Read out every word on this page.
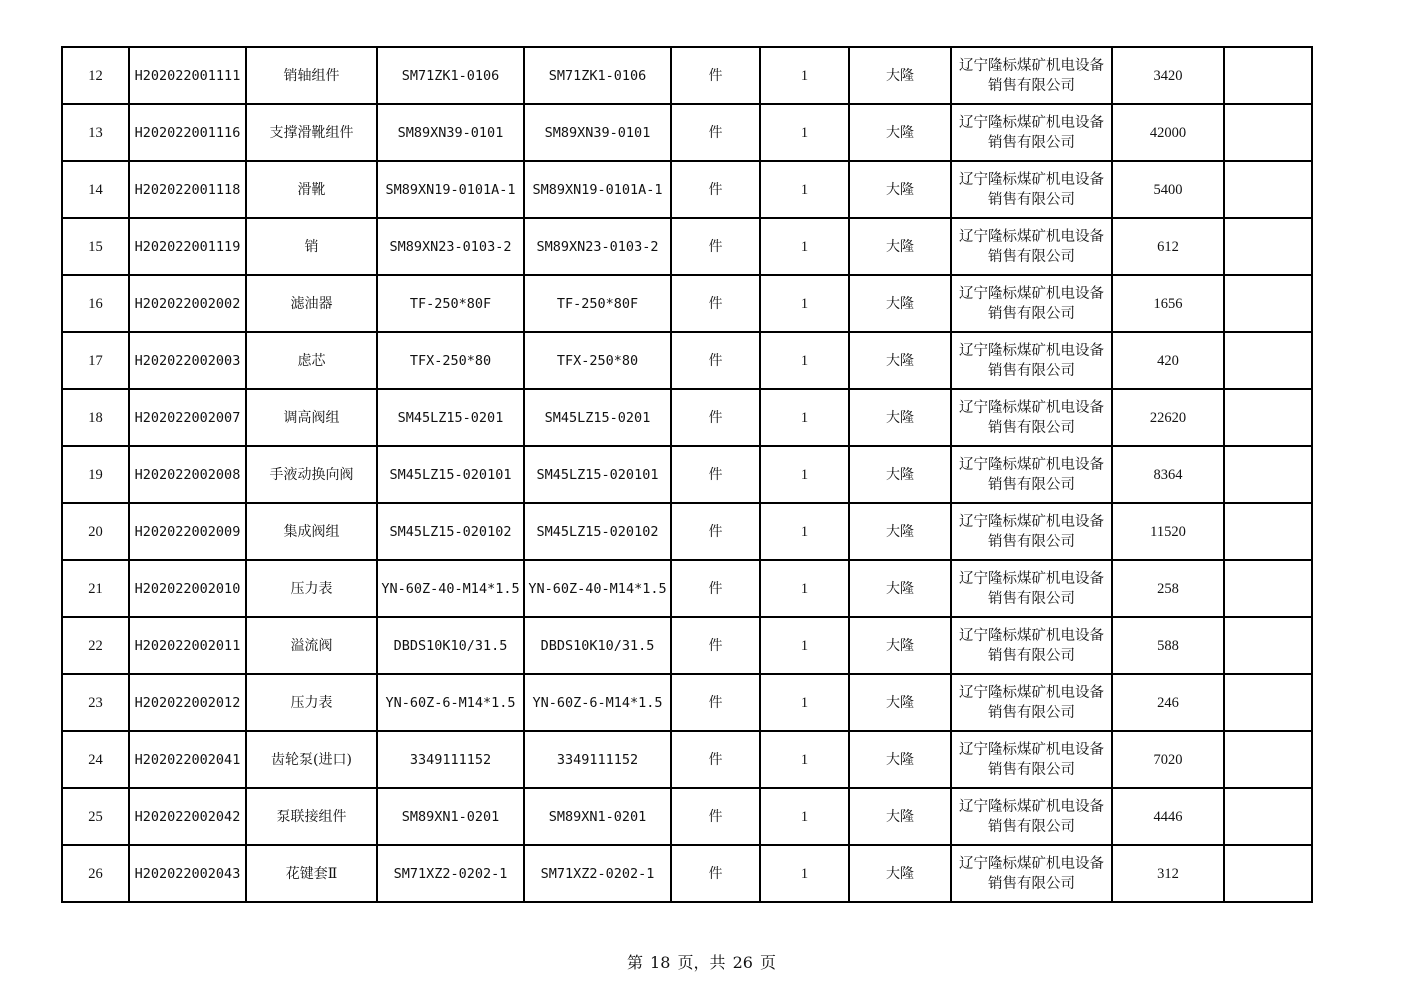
12	H202022001111	销轴组件	SM71ZK1-0106	SM71ZK1-0106	件	1	大隆	辽宁隆标煤矿机电设备销售有限公司	3420	
13	H202022001116	支撑滑靴组件	SM89XN39-0101	SM89XN39-0101	件	1	大隆	辽宁隆标煤矿机电设备销售有限公司	42000	
14	H202022001118	滑靴	SM89XN19-0101A-1	SM89XN19-0101A-1	件	1	大隆	辽宁隆标煤矿机电设备销售有限公司	5400	
15	H202022001119	销	SM89XN23-0103-2	SM89XN23-0103-2	件	1	大隆	辽宁隆标煤矿机电设备销售有限公司	612	
16	H202022002002	滤油器	TF-250*80F	TF-250*80F	件	1	大隆	辽宁隆标煤矿机电设备销售有限公司	1656	
17	H202022002003	虑芯	TFX-250*80	TFX-250*80	件	1	大隆	辽宁隆标煤矿机电设备销售有限公司	420	
18	H202022002007	调高阀组	SM45LZ15-0201	SM45LZ15-0201	件	1	大隆	辽宁隆标煤矿机电设备销售有限公司	22620	
19	H202022002008	手液动换向阀	SM45LZ15-020101	SM45LZ15-020101	件	1	大隆	辽宁隆标煤矿机电设备销售有限公司	8364	
20	H202022002009	集成阀组	SM45LZ15-020102	SM45LZ15-020102	件	1	大隆	辽宁隆标煤矿机电设备销售有限公司	11520	
21	H202022002010	压力表	YN-60Z-40-M14*1.5	YN-60Z-40-M14*1.5	件	1	大隆	辽宁隆标煤矿机电设备销售有限公司	258	
22	H202022002011	溢流阀	DBDS10K10/31.5	DBDS10K10/31.5	件	1	大隆	辽宁隆标煤矿机电设备销售有限公司	588	
23	H202022002012	压力表	YN-60Z-6-M14*1.5	YN-60Z-6-M14*1.5	件	1	大隆	辽宁隆标煤矿机电设备销售有限公司	246	
24	H202022002041	齿轮泵(进口)	3349111152	3349111152	件	1	大隆	辽宁隆标煤矿机电设备销售有限公司	7020	
25	H202022002042	泵联接组件	SM89XN1-0201	SM89XN1-0201	件	1	大隆	辽宁隆标煤矿机电设备销售有限公司	4446	
26	H202022002043	花键套Ⅱ	SM71XZ2-0202-1	SM71XZ2-0202-1	件	1	大隆	辽宁隆标煤矿机电设备销售有限公司	312	
第 18 页，共 26 页
